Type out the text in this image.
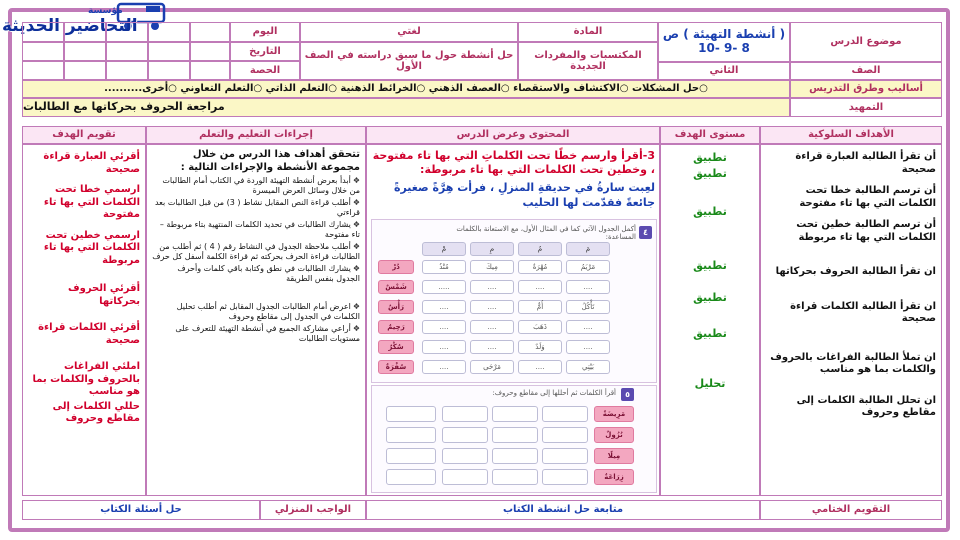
مؤسسة
التحاضير الحديثة
موضوع الدرس
( أنشطة التهيئة ) ص 8 -9 -10
المادة
لغتي
اليوم
المكتسبات والمفردات الجديدة
حل أنشطة حول ما سبق دراسته في الصف الأول
التاريخ
الحصة	الصف
الثاني
أساليب وطرق التدريس
○حل المشكلات ○الاكتشاف والاستقصاء ○العصف الذهني ○الخرائط الذهنية ○التعلم الذاتي ○التعلم التعاوني ○أخرى..........
التمهيد
مراجعة الحروف بحركاتها مع الطالبات
الأهداف السلوكية
مستوى الهدف
المحتوى وعرض الدرس
إجراءات التعليم والتعلم
تقويم الهدف
أن تقرأ الطالبة العبارة قراءة صحيحة
أن ترسم الطالبة خطا تحت الكلمات التي بها تاء مفتوحة
أن ترسم الطالبة خطين تحت الكلمات التي بها تاء مربوطة
ان تقرأ الطالبة الحروف بحركاتها
ان تقرأ الطالبة الكلمات قراءة صحيحة
ان تملأ الطالبة الفراغات بالحروف والكلمات بما هو مناسب
ان تحلل الطالبة الكلمات إلى مقاطع وحروف
تطبيق
تطبيق
تطبيق
تطبيق
تطبيق
تطبيق
تحليل
3-أقرأ وارسم خطًا تحت الكلماتِ التي بها تاء مفتوحة ، وخطين تحت الكلمات التي بها تاء مربوطة:
لعِبت سارةُ في حديقةِ المنزلِ ، فرأت هِرَّةً صغيرةً جائعةً فقدّمت لها الحليب
٤
أكمل الجدول الآتي كما في المثال الأول، مع الاستعانة بالكلمات المساعدة:
مَ
مُ
مِ
مْ
مَرْيَمُ
مُهْرَةٌ
مِيكَ
مُنْذُ
....
....
....
.....
تَأْكُلُ
أُمٌّ
....
....
....
ذَهَبَ
....
....
....
وَلَدٌ
....
....
بَيْتِي
....
مَرْحَى
....
دُرْ
شَمْسٌ
رَأْسٌ
رَحِيمٌ
سُكْرٌ
سُفْرَةٌ
٥
أقرأ الكلمات ثم أحللها إلى مقاطع وحروف:
مَرِيضَةٌ
نُزُولٌ
مِيلًا
زِرَاعَةٌ
تتحقق أهداف هذا الدرس من خلال مجموعة الأنشطة والإجراءات التالية :
❖أبدأ بعرض أنشطة التهيئة الوردة في الكتاب أمام الطالبات من خلال وسائل العرض الميسرة
❖أطلب قراءة النص المقابل نشاط ( 3) من قبل الطالبات بعد قراءتي
❖يشارك الطالبات في تحديد الكلمات المنتهية بتاء مربوطة – تاء مفتوحة
❖أطلب ملاحظة الجدول في النشاط رقم ( 4 ) ثم أطلب من الطالبات قراءة الحرف بحركته ثم قراءة الكلمة أسفل كل حرف
❖يشارك الطالبات في نطق وكتابة باقي كلمات وأحرف الجدول بنفس الطريقة
❖اعرض أمام الطالبات الجدول المقابل ثم أطلب تحليل الكلمات في الجدول إلى مقاطع وحروف
❖أراعي مشاركة الجميع في أنشطة التهيئة للتعرف على مستويات الطالبات
أقرئي العبارة قراءة صحيحة
ارسمي خطا تحت الكلمات التي بها تاء مفتوحة
ارسمي خطين تحت الكلمات التي بها تاء مربوطة
أقرئي الحروف بحركاتها
أقرئي الكلمات قراءة صحيحة
املئي الفراغات بالحروف والكلمات بما هو مناسب
حللي الكلمات إلى مقاطع وحروف
التقويم الختامي
متابعة حل انشطة الكتاب
الواجب المنزلي
حل أسئلة الكتاب
